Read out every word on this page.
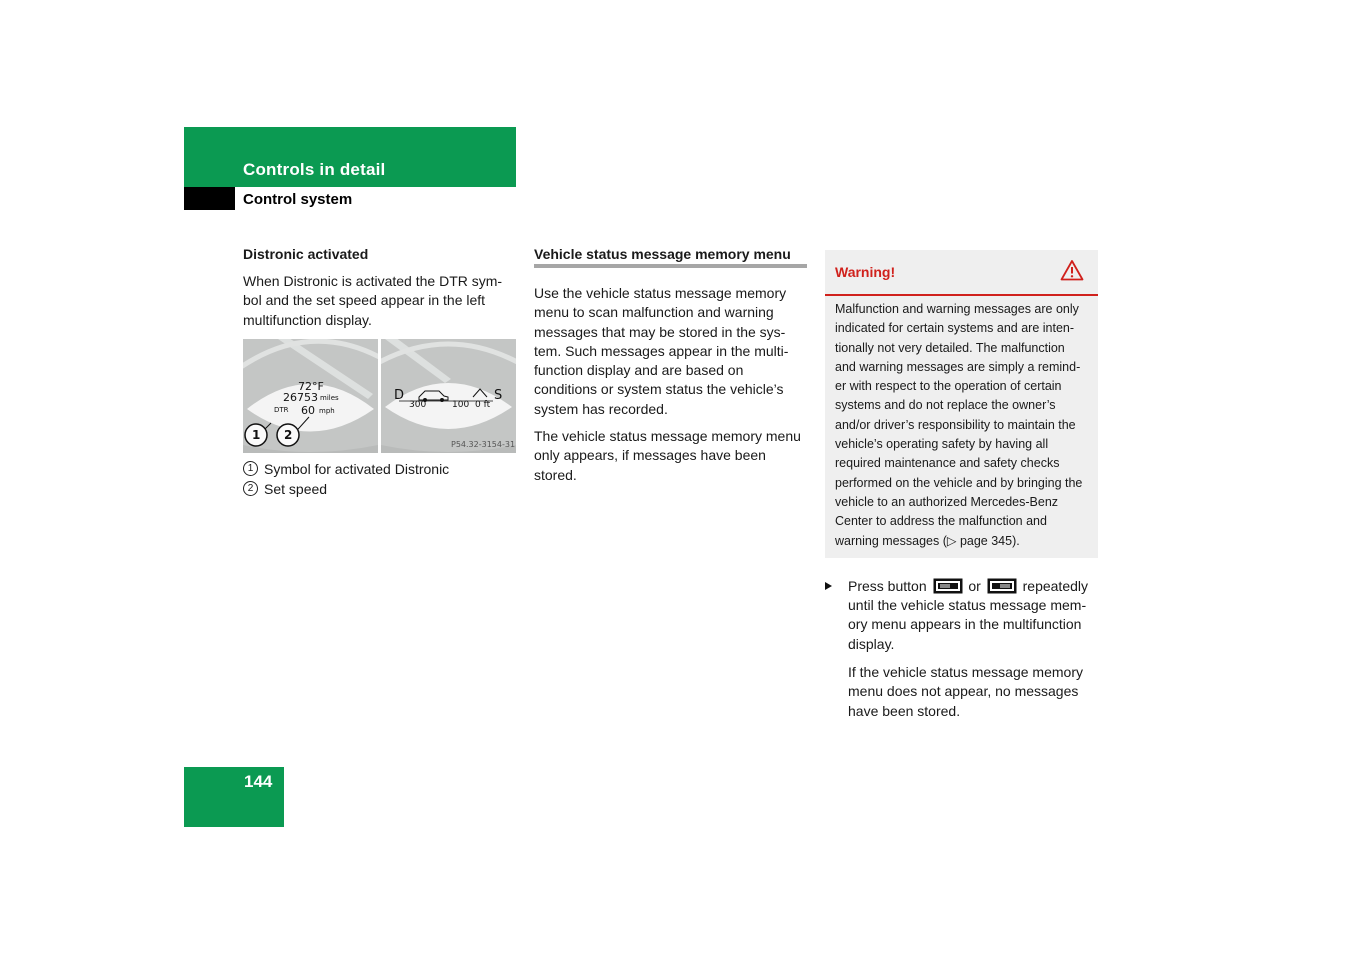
Controls in detail
Control system
Distronic activated

When Distronic is activated the DTR sym-bol and the set speed appear in the left multifunction display.

72°F
26753 miles
DTR 60 mph
1 2
D	S
300	100 0 ft
P54.32-3154-31
1 Symbol for activated Distronic
2 Set speed
Vehicle status message memory menu

Use the vehicle status message memory menu to scan malfunction and warning messages that may be stored in the sys-tem. Such messages appear in the multi-function display and are based on conditions or system status the vehicle’s system has recorded.

The vehicle status message memory menu only appears, if messages have been stored.

Warning!
Malfunction and warning messages are only indicated for certain systems and are inten-tionally not very detailed. The malfunction and warning messages are simply a remind-er with respect to the operation of certain systems and do not replace the owner’s and/or driver’s responsibility to maintain the vehicle’s operating safety by having all required maintenance and safety checks performed on the vehicle and by bringing the vehicle to an authorized Mercedes-Benz Center to address the malfunction and warning messages (▷ page 345).

Press button	or	repeatedly until the vehicle status message mem-ory menu appears in the multifunction display.

If the vehicle status message memory menu does not appear, no messages have been stored.

144
